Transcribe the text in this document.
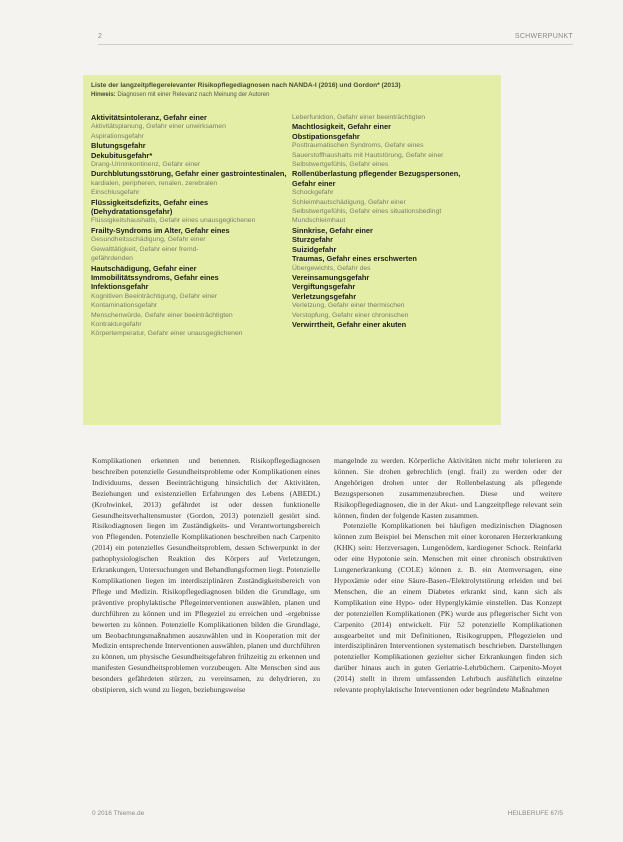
2	SCHWERPUNKT
Liste der langzeitpflegerelevanter Risikopflegediagnosen nach NANDA-I (2016) und Gordon* (2013)
Hinweis: Diagnosen mit einer Relevanz nach Meinung der Autoren
Aktivitätsintoleranz, Gefahr einer
Aktivitätsplanung, Gefahr einer unwirksamen
Aspirationsgefahr
Blutungsgefahr
Dekubitusgefahr*
Drang-Urininkontinenz, Gefahr einer
Durchblutungsstörung, Gefahr einer gastrointestinalen,
kardialen, peripheren, renalen, zerebralen
Einschlusgefahr
Flüssigkeitsdefizits, Gefahr eines
(Dehydratationsgefahr)
Flüssigkeitshaushalts, Gefahr eines unausgeglichenen
Frailty-Syndroms im Alter, Gefahr eines
Gesundheitsschädigung, Gefahr einer
Gewalttätigkeit, Gefahr einer fremd-
gefährdenden
Hautschädigung, Gefahr einer
Immobilitätssyndroms, Gefahr eines
Infektionsgefahr
Kognitiven Beeinträchtigung, Gefahr einer
Kontaminationsgefahr
Menschenwürde, Gefahr einer beeinträchtigten
Kontrakturgefahr
Körpertemperatur, Gefahr einer unausgeglichenen
Leberfunktion, Gefahr einer beeinträchtigten
Machtlosigkeit, Gefahr einer
Obstipationsgefahr
Posttraumatischen Syndroms, Gefahr eines
Sauerstoffhaushalts mit Hautstörung, Gefahr einer
Selbstwertgefühls, Gefahr eines
Rollenüberlastung pflegender Bezugspersonen,
Gefahr einer
Schockgefahr
Schleimhautschädigung, Gefahr einer
Selbstwertgefühls, Gefahr eines situationsbedingt
Mundschleimhaut
Sinnkrise, Gefahr einer
Sturzgefahr
Suizidgefahr
Traumas, Gefahr eines erschwerten
Übergewichts, Gefahr des
Vereinsamungsgefahr
Vergiftungsgefahr
Verletzungsgefahr
Verletzung, Gefahr einer thermischen
Verstopfung, Gefahr einer chronischen
Verwirrtheit, Gefahr einer akuten

Komplikationen erkennen und benennen. Risikopflegediagnosen beschreiben potenzielle Gesundheitsprobleme oder Komplikationen eines Individuums, dessen Beeinträchtigung hinsichtlich der Aktivitäten, Beziehungen und existenziellen Erfahrungen des Lebens (ABEDL) (Krohwinkel, 2013) gefährdet ist oder dessen funktionelle Gesundheitsverhaltensmuster (Gordon, 2013) potenziell gestört sind. Risikodiagnosen liegen im Zuständigkeits- und Verantwortungsbereich von Pflegenden. Potenzielle Komplikationen beschreiben nach Carpenito (2014) ein potenzielles Gesundheitsproblem, dessen Schwerpunkt in der pathophysiologischen Reaktion des Körpers auf Verletzungen, Erkrankungen, Untersuchungen und Behandlungsformen liegt. Potenzielle Komplikationen liegen im interdisziplinären Zuständigkeitsbereich von Pflege und Medizin. Risikopflegediagnosen bilden die Grundlage, um präventive prophylaktische Pflegeinterventionen auswählen, planen und durchführen zu können und im Pflegeziel zu erreichen und -ergebnisse bewerten zu können. Potenzielle Komplikationen bilden die Grundlage, um Beobachtungsmaßnahmen auszuwählen und in Kooperation mit der Medizin entsprechende Interventionen auswählen, planen und durchführen zu können, um physische Gesundheitsgefahren frühzeitig zu erkennen und manifesten Gesundheitsproblemen vorzubeugen. Alte Menschen sind aus besonders gefährdeten stürzen, zu vereinsamen, zu dehydrieren, zu obstipieren, sich wund zu liegen, beziehungsweise

mangelnde zu werden. Körperliche Aktivitäten nicht mehr tolerieren zu können. Sie drohen gebrechlich (engl. frail) zu werden oder der Angehörigen drohen unter der Rollenbelastung als pflegende Bezugspersonen zusammenzubrechen. Diese und weitere Risikopflegediagnosen, die in der Akut- und Langzeitpflege relevant sein können, finden der folgende Kasten zusammen.

Potenzielle Komplikationen bei häufigen medizinischen Diagnosen können zum Beispiel bei Menschen mit einer koronaren Herzerkrankung (KHK) sein: Herzversagen, Lungenödem, kardiogener Schock. Reinfarkt oder eine Hypotonie sein. Menschen mit einer chronisch obstruktiven Lungenerkrankung (COLE) können z. B. ein Atemversagen, eine Hypoxämie oder eine Säure-Basen-/Elektrolytstörung erleiden und bei Menschen, die an einem Diabetes erkrankt sind, kann sich als Komplikation eine Hypo- oder Hyperglykämie einstellen. Das Konzept der potenziellen Komplikationen (PK) wurde aus pflegerischer Sicht von Carpenito (2014) entwickelt. Für 52 potenzielle Komplikationen ausgearbeitet und mit Definitionen, Risikogruppen, Pflegezielen und interdisziplinären Interventionen systematisch beschrieben. Darstellungen potenzieller Komplikationen gezielter sicher Erkrankungen finden sich darüber hinaus auch in guten Geriatrie-Lehrbüchern. Carpenito-Moyet (2014) stellt in ihrem umfassenden Lehrbuch ausführlich einzelne relevante prophylaktische Interventionen oder begründete Maßnahmen

0 2016 Thieme.de	HEILBERUFE 67/5
